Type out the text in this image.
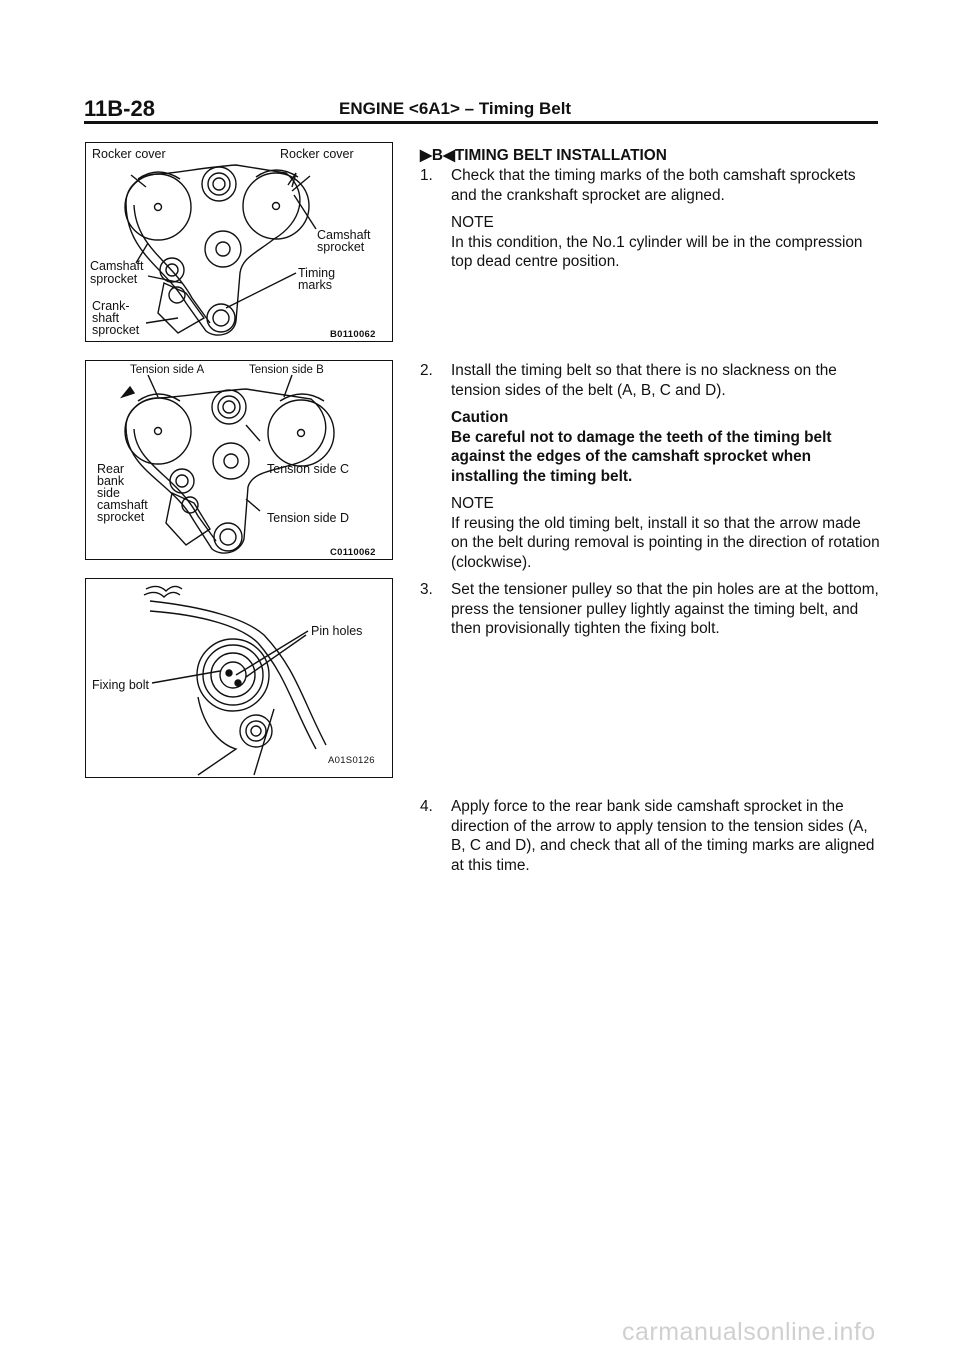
11B-28	ENGINE <6A1> – Timing Belt
Rocker cover	Rocker cover
Camshaft
sprocket
Camshaft
sprocket	Timing
marks
Crank-
shaft
sprocket	B0110062
Tension side A	Tension side B
Tension side C
Tension side D
Rear
bank
side
camshaft
sprocket
C0110062
Pin holes
Fixing bolt
A01S0126
▶B◀TIMING BELT INSTALLATION
1. Check that the timing marks of the both camshaft sprockets and the crankshaft sprocket are aligned.

NOTE

In this condition, the No.1 cylinder will be in the compression top dead centre position.

2. Install the timing belt so that there is no slackness on the tension sides of the belt (A, B, C and D).

Caution

Be careful not to damage the teeth of the timing belt against the edges of the camshaft sprocket when installing the timing belt.

NOTE

If reusing the old timing belt, install it so that the arrow made on the belt during removal is pointing in the direction of rotation (clockwise).

3. Set the tensioner pulley so that the pin holes are at the bottom, press the tensioner pulley lightly against the timing belt, and then provisionally tighten the fixing bolt.

4. Apply force to the rear bank side camshaft sprocket in the direction of the arrow to apply tension to the tension sides (A, B, C and D), and check that all of the timing marks are aligned at this time.

carmanualsonline.info
